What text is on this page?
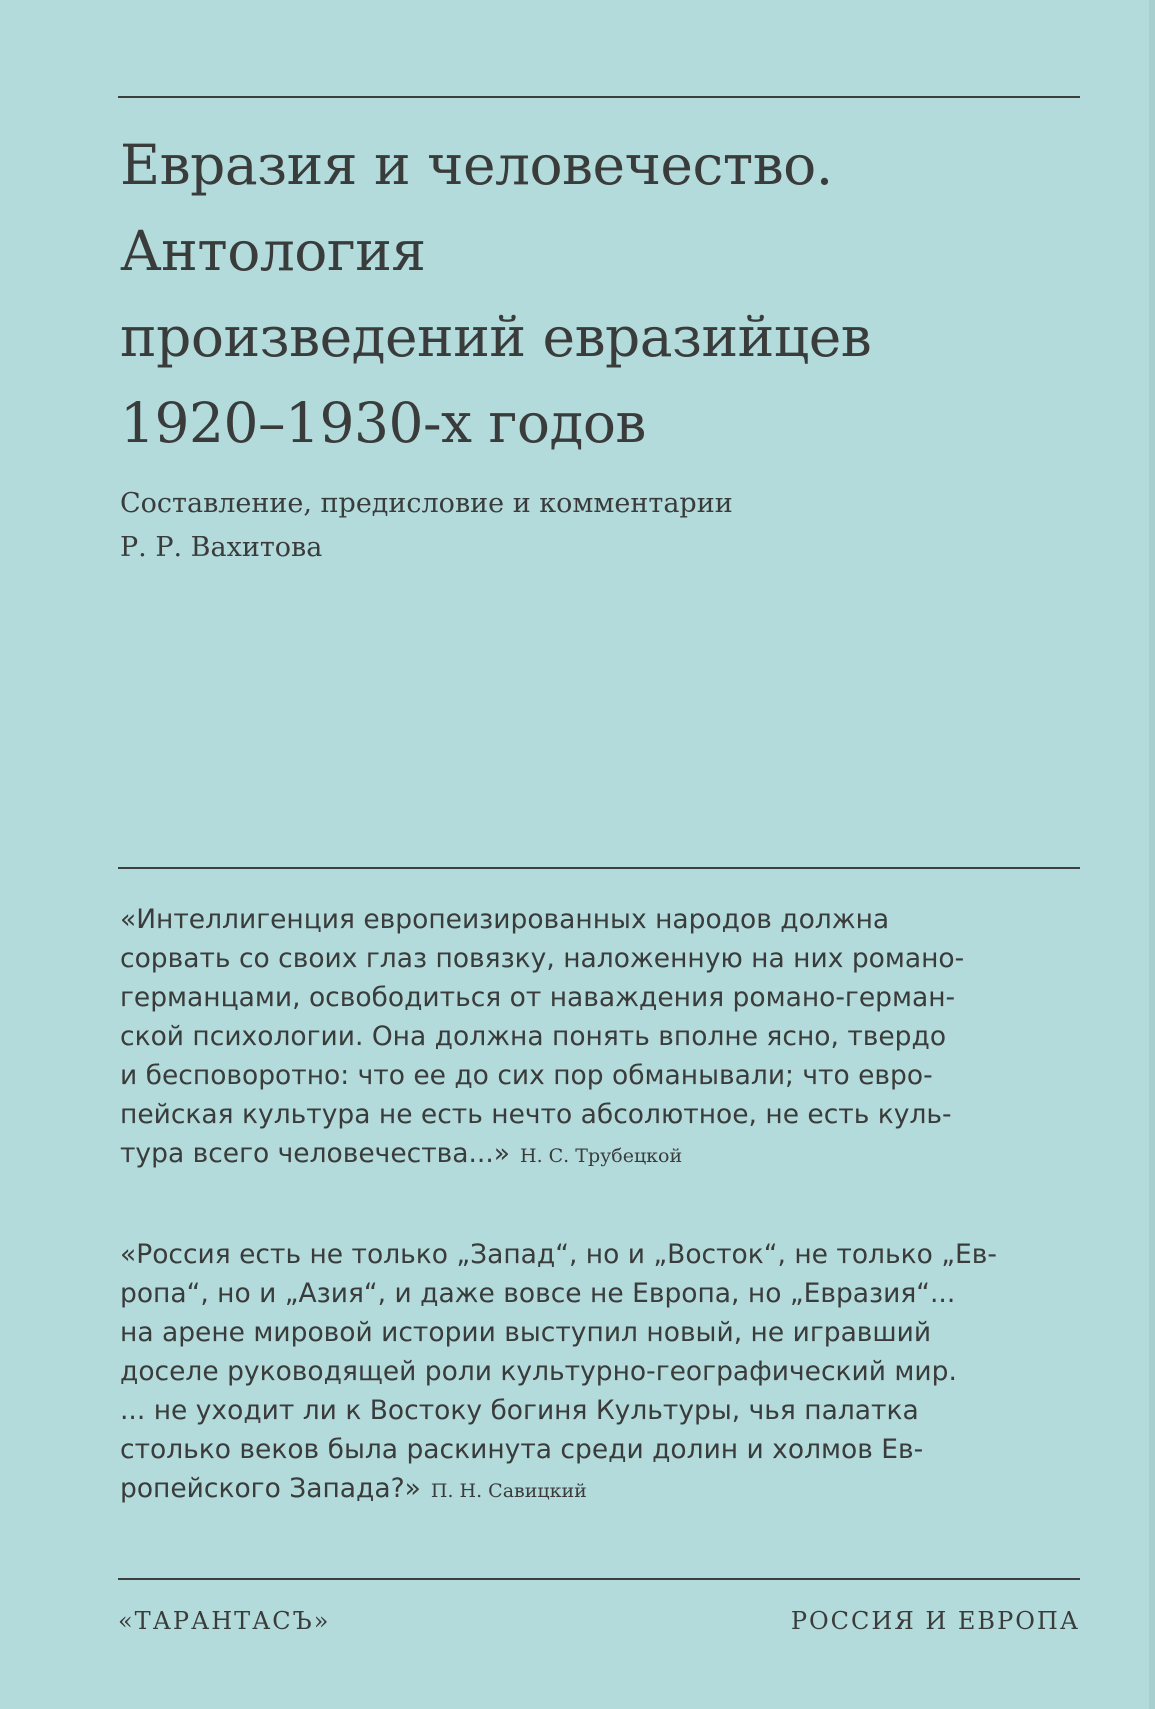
Евразия и человечество.
Антология
произведений евразийцев
1920–1930-х годов
Составление, предисловие и комментарии
Р. Р. Вахитова
«Интеллигенция европеизированных народов должна
сорвать со своих глаз повязку, наложенную на них романо-
германцами, освободиться от наваждения романо-герман-
ской психологии. Она должна понять вполне ясно, твердо
и бесповоротно: что ее до сих пор обманывали; что евро-
пейская культура не есть нечто абсолютное, не есть куль-
тура всего человечества...» Н. С. Трубецкой
«Россия есть не только „Запад“, но и „Восток“, не только „Ев-
ропа“, но и „Азия“, и даже вовсе не Европа, но „Евразия“...
на арене мировой истории выступил новый, не игравший
доселе руководящей роли культурно-географический мир.
... не уходит ли к Востоку богиня Культуры, чья палатка
столько веков была раскинута среди долин и холмов Ев-
ропейского Запада?» П. Н. Савицкий
«ТАРАНТАСЪ»	РОССИЯ И ЕВРОПА
